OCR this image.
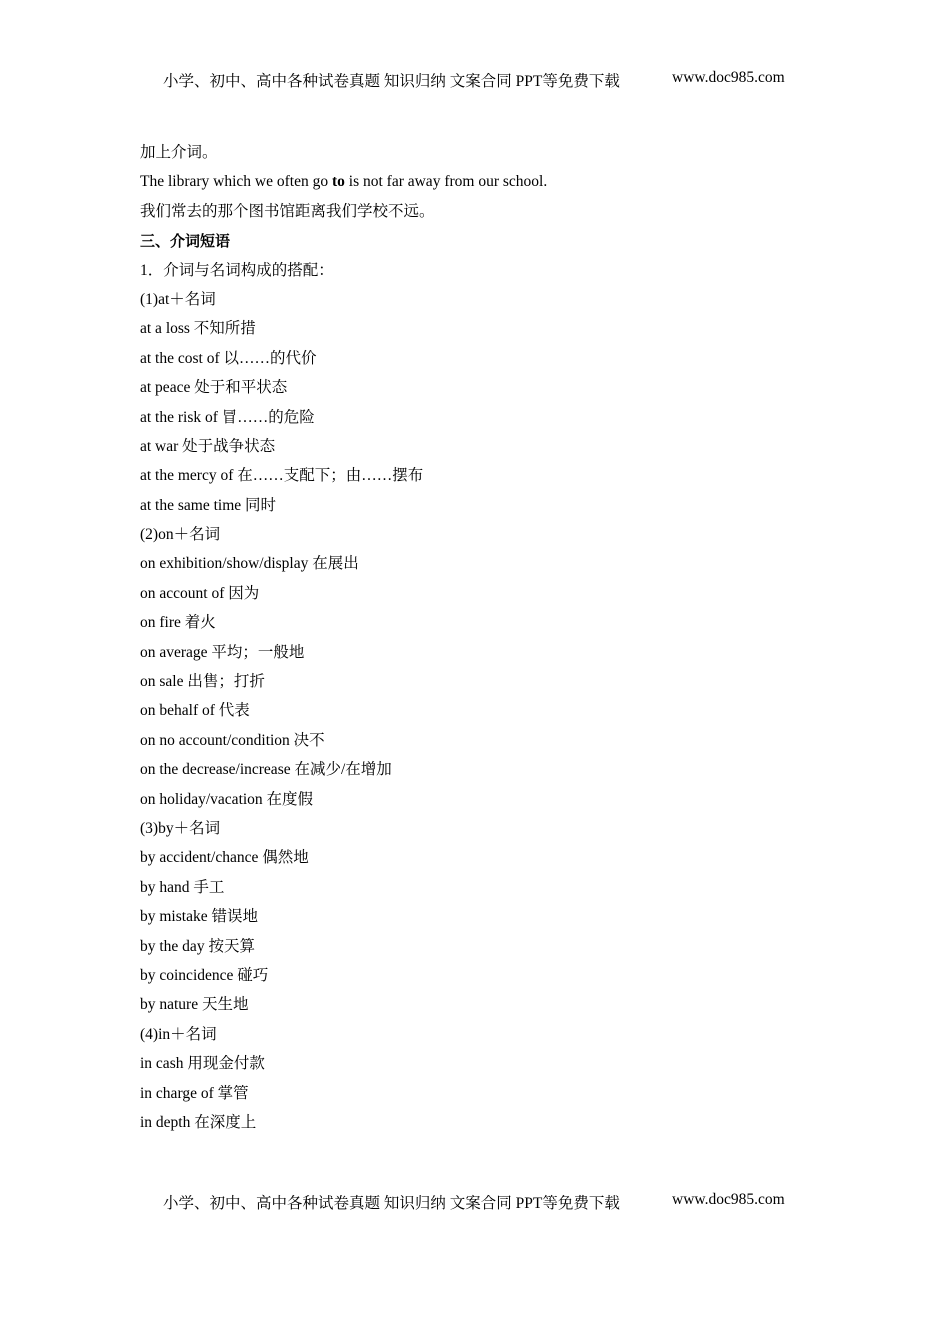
小学、初中、高中各种试卷真题 知识归纳 文案合同 PPT等免费下载	www.doc985.com
加上介词。
The library which we often go to is not far away from our school.
我们常去的那个图书馆距离我们学校不远。
三、介词短语
1．介词与名词构成的搭配：
(1)at＋名词
at a loss 不知所措
at the cost of 以……的代价
at peace 处于和平状态
at the risk of 冒……的危险
at war 处于战争状态
at the mercy of 在……支配下；由……摆布
at the same time 同时
(2)on＋名词
on exhibition/show/display 在展出
on account of 因为
on fire 着火
on average 平均；一般地
on sale 出售；打折
on behalf of 代表
on no account/condition 决不
on the decrease/increase 在减少/在增加
on holiday/vacation 在度假
(3)by＋名词
by accident/chance 偶然地
by hand 手工
by mistake 错误地
by the day 按天算
by coincidence 碰巧
by nature 天生地
(4)in＋名词
in cash 用现金付款
in charge of 掌管
in depth 在深度上
小学、初中、高中各种试卷真题 知识归纳 文案合同 PPT等免费下载	www.doc985.com
